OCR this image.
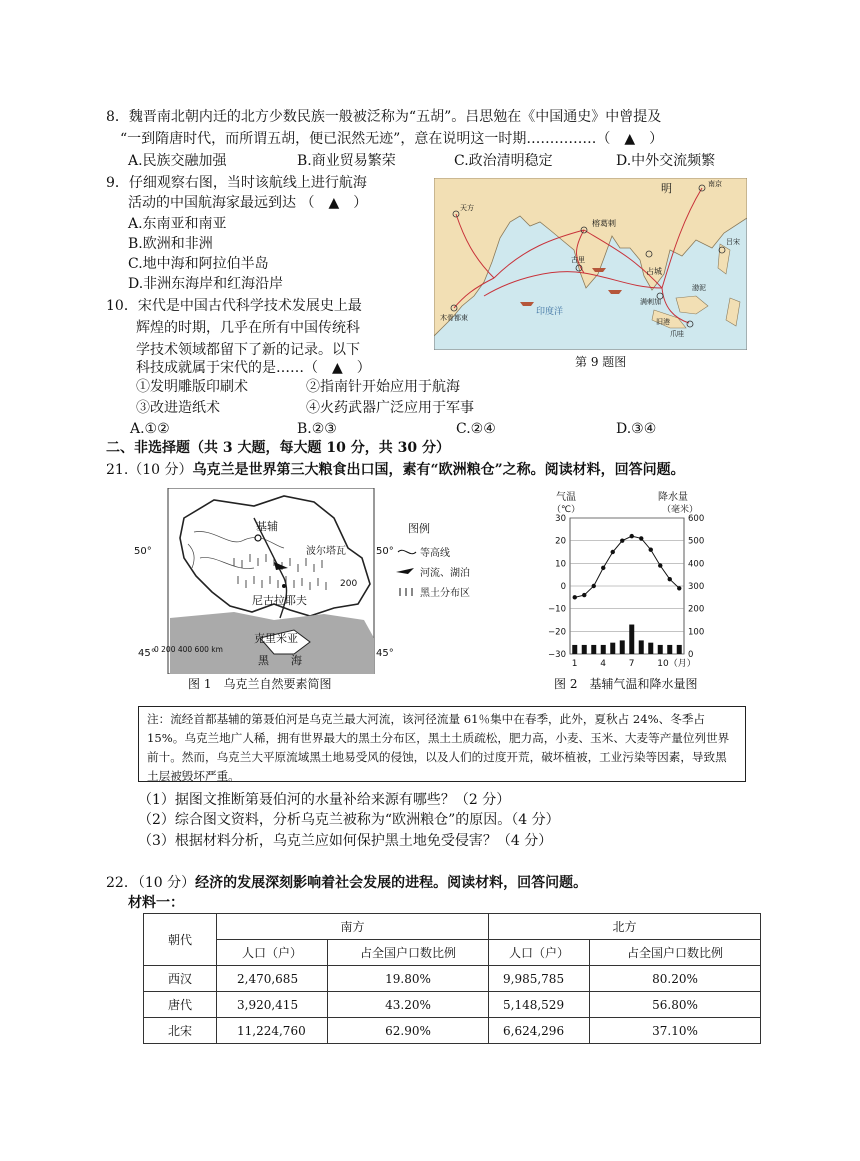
8．魏晋南北朝内迁的北方少数民族一般被泛称为“五胡”。吕思勉在《中国通史》中曾提及
“一到隋唐时代，而所谓五胡，便已泯然无迹”，意在说明这一时期……………（　▲　）
A.民族交融加强	B.商业贸易繁荣	C.政治清明稳定	D.中外交流频繁
9．仔细观察右图，当时该航线上进行航海
活动的中国航海家最远到达 （　▲　）
A.东南亚和南亚
B.欧洲和非洲
C.地中海和阿拉伯半岛
D.非洲东海岸和红海沿岸
明
天方
南京
榕葛剌
古里
占城
吕宋
木骨都束
爪哇
满剌加
旧港
渤泥
印度洋
第 9 题图
10．宋代是中国古代科学技术发展史上最
辉煌的时期，几乎在所有中国传统科
学技术领域都留下了新的记录。以下
科技成就属于宋代的是……（　▲　）
①发明雕版印刷术	②指南针开始应用于航海
③改进造纸术	④火药武器广泛应用于军事
A.①②	B.②③	C.②④	D.③④
二、非选择题（共 3 大题，每大题 10 分，共 30 分）
21.（10 分）乌克兰是世界第三大粮食出口国，素有“欧洲粮仓”之称。阅读材料，回答问题。
基辅
尼古拉耶夫
波尔塔瓦
200
克里米亚
黑　　海
50°	50°
45°	45°
0 200 400 600 km
图例
等高线
河流、湖泊
黑土分布区
图 1　乌克兰自然要素简图
气温
（℃）
降水量
（毫米）
30	600
20	500
10	400
0	300
−10	200
−20	100
−30	0
1	4	7	10（月）
图 2　基辅气温和降水量图
注：流经首都基辅的第聂伯河是乌克兰最大河流，该河径流量 61％集中在春季，此外，夏秋占 24%、冬季占 15%。乌克兰地广人稀，拥有世界最大的黑土分布区，黑土土质疏松，肥力高，小麦、玉米、大麦等产量位列世界前十。然而，乌克兰大平原流域黑土地易受风的侵蚀，以及人们的过度开荒，破坏植被，工业污染等因素，导致黑土层被毁坏严重。
（1）据图文推断第聂伯河的水量补给来源有哪些？（2 分）
（2）综合图文资料，分析乌克兰被称为“欧洲粮仓”的原因。（4 分）
（3）根据材料分析，乌克兰应如何保护黑土地免受侵害？（4 分）
22．（10 分）经济的发展深刻影响着社会发展的进程。阅读材料，回答问题。
材料一：
朝代	南方		北方	
	人口（户）	占全国户口数比例	人口（户）	占全国户口数比例
西汉	2,470,685	19.80%	9,985,785	80.20%
唐代	3,920,415	43.20%	5,148,529	56.80%
北宋	11,224,760	62.90%	6,624,296	37.10%
